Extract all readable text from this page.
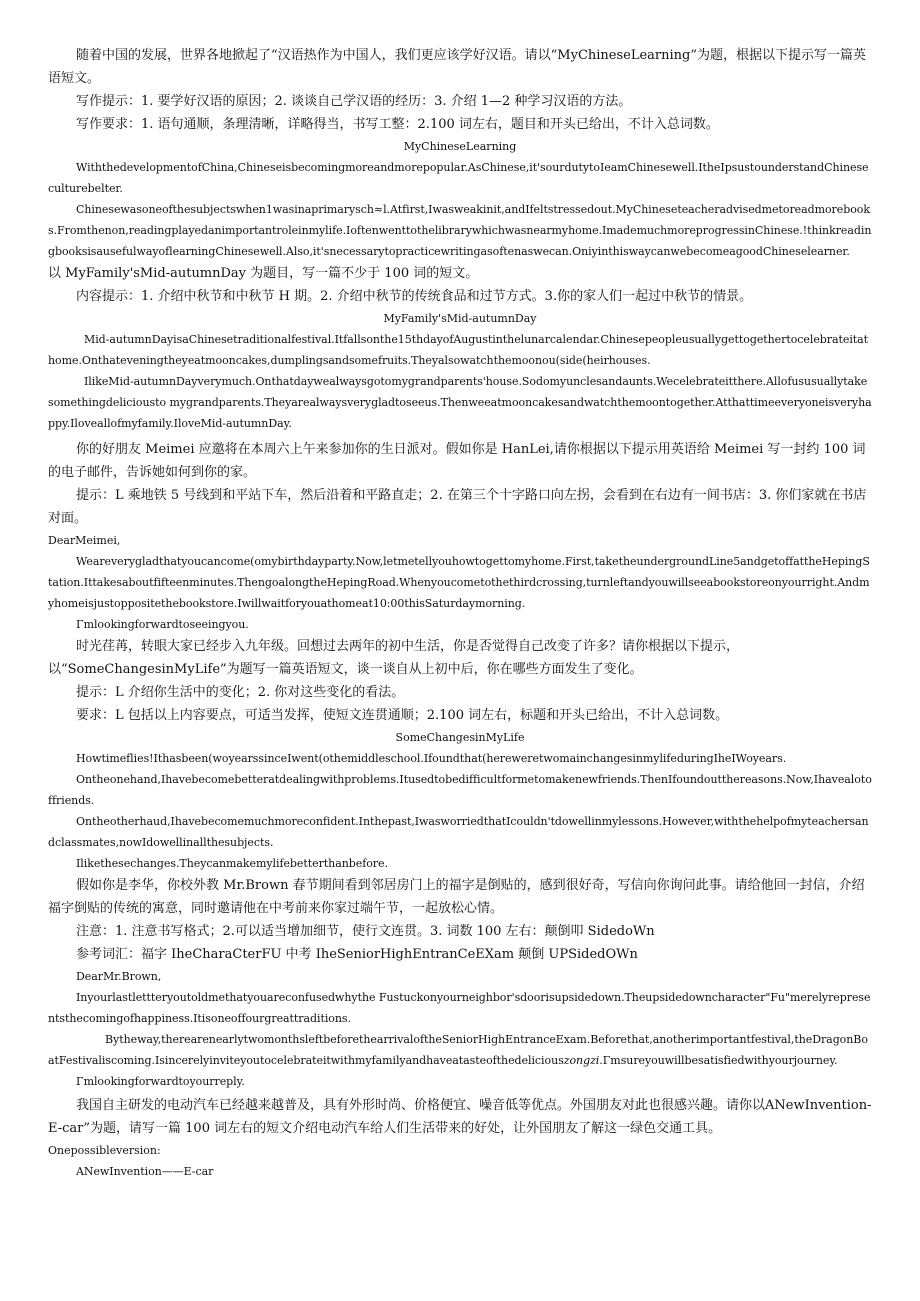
随着中国的发展，世界各地掀起了“汉语热作为中国人，我们更应该学好汉语。请以“MyChineseLearning”为题，根据以下提示写一篇英语短文。

写作提示：1. 要学好汉语的原因；2. 谈谈自己学汉语的经历：3. 介绍 1—2 种学习汉语的方法。

写作要求：1. 语句通顺，条理清晰，详略得当，书写工整：2.100 词左右，题目和开头已给出，不计入总词数。

MyChineseLearning

WiththedevelopmentofChina,Chineseisbecomingmoreandmorepopular.AsChinese,it'sourdutytoIeamChinesewell.ItheIpsustounderstandChineseculturebelter.

Chinesewasoneofthesubjectswhen1wasinaprimarysch≈l.Atfirst,Iwasweakinit,andIfeltstressedout.MyChineseteacheradvisedmetoreadmorebooks.Fromthenon,readingplayedanimportantroleinmylife.Ioftenwenttothelibrarywhichwasnearmyhome.ImademuchmoreprogressinChinese.!thinkreadingbooksisausefulwayoflearningChinesewell.Also,it'snecessarytopracticewritingasoftenaswecan.OniyinthiswaycanwebecomeagoodChineselearner.

以 MyFamily'sMid-autumnDay 为题目，写一篇不少于 100 词的短文。

内容提示：1. 介绍中秋节和中秋节 H 期。2. 介绍中秋节的传统食品和过节方式。3.你的家人们一起过中秋节的情景。

MyFamily'sMid-autumnDay

Mid-autumnDayisaChinesetraditionalfestival.Itfallsonthe15thdayofAugustinthelunarcalendar.Chinesepeopleusuallygettogethertocelebrateitathome.Onthateveningtheyeatmooncakes,dumplingsandsomefruits.Theyalsowatchthemoonou(side(heirhouses.

IlikeMid-autumnDayverymuch.Onthatdaywealwaysgotomygrandparents'house.Sodomyunclesandaunts.Wecelebrateitthere.Allofususuallytakesomethingdeliciousto mygrandparents.Theyarealwaysverygladtoseeus.Thenweeatmooncakesandwatchthemoontogether.Atthattimeeveryoneisveryhappy.Iloveallofmyfamily.IloveMid-autumnDay.

你的好朋友 Meimei 应邀将在本周六上午来参加你的生日派对。假如你是 HanLei,请你根据以下提示用英语给 Meimei 写一封约 100 词的电子邮件，告诉她如何到你的家。

提示：L 乘地铁 5 号线到和平站下车，然后沿着和平路直走；2. 在第三个十字路口向左拐，会看到在右边有一间书店：3. 你们家就在书店对面。

DearMeimei,

Weareverygladthatyoucancome(omybirthdayparty.Now,letmetellyouhowtogettomyhome.First,taketheundergroundLine5andgetoffattheHepingStation.Ittakesaboutfifteenminutes.ThengoalongtheHepingRoad.Whenyoucometothethirdcrossing,turnleftandyouwillseeabookstoreonyourright.Andmyhomeisjustoppositethebookstore.Iwillwaitforyouathomeat10:00thisSaturdaymorning.

Γmlookingforwardtoseeingyou.

时光荏苒，转眼大家已经步入九年级。回想过去两年的初中生活，你是否觉得自己改变了许多？请你根据以下提示，以“SomeChangesinMyLife”为题写一篇英语短文，谈一谈自从上初中后，你在哪些方面发生了变化。

提示：L 介绍你生活中的变化；2. 你对这些变化的看法。

要求：L 包括以上内容要点，可适当发挥，使短文连贯通顺；2.100 词左右，标题和开头已给出，不计入总词数。

SomeChangesinMyLife

Howtimeflies!Ithasbeen(woyearssinceIwent(othemiddleschool.Ifoundthat(hereweretwomainchangesinmylifeduringIheIWoyears.

Ontheonehand,Ihavebecomebetteratdealingwithproblems.Itusedtobedifficultformetomakenewfriends.ThenIfoundoutthereasons.Now,Ihavealotoffriends.

Ontheotherhaud,Ihavebecomemuchmoreconfident.Inthepast,IwasworriedthatIcouldn'tdowellinmylessons.However,withthehelpofmyteachersandclassmates,nowIdowellinallthesubjects.

Ilikethesechanges.Theycanmakemylifebetterthanbefore.

假如你是李华，你校外教 Mr.Brown 春节期间看到邻居房门上的福字是倒贴的，感到很好奇，写信向你询问此事。请给他回一封信，介绍福字倒贴的传统的寓意，同时邀请他在中考前来你家过端午节，一起放松心情。

注意：1. 注意书写格式；2.可以适当增加细节，使行文连贯。3. 词数 100 左右：颠倒叩 SidedoWn

参考词汇：福字 IheCharaCterFU 中考 IheSeniorHighEntranCeEXam 颠倒 UPSidedOWn

DearMr.Brown,

Inyourlastlettteryoutoldmethatyouareconfusedwhythe Fustuckonyourneighbor'sdoorisupsidedown.Theupsidedowncharacter"Fu"merelyrepresentsthecomingofhappiness.Itisoneoffourgreattraditions.

Bytheway,therearenearlytwomonthsleftbeforethearrivaloftheSeniorHighEntranceExam.Beforethat,anotherimportantfestival,theDragonBoatFestivaliscoming.Isincerelyinviteyoutocelebrateitwithmyfamilyandhaveatasteofthedeliciouszongzi.Γmsureyouwillbesatisfiedwithyourjourney.

Γmlookingforwardtoyourreply.

我国自主研发的电动汽车已经越来越普及，具有外形时尚、价格便宜、噪音低等优点。外国朋友对此也很感兴趣。请你以ANewInvention-E-car”为题，请写一篇 100 词左右的短文介绍电动汽车给人们生活带来的好处，让外国朋友了解这一绿色交通工具。

Onepossibleversion:

ANewInvention——E-car
